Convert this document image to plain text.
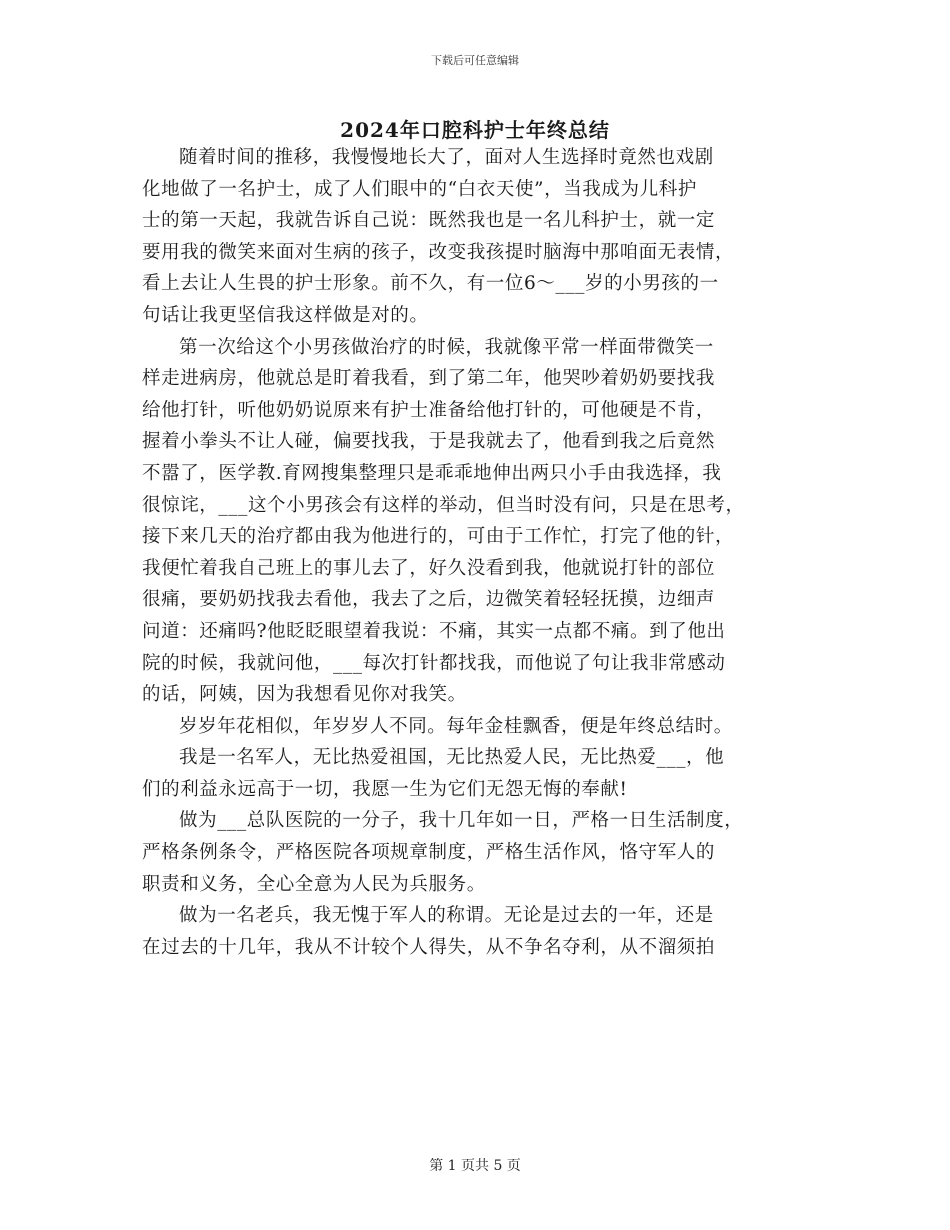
下载后可任意编辑
2024年口腔科护士年终总结
随着时间的推移，我慢慢地长大了，面对人生选择时竟然也戏剧
化地做了一名护士，成了人们眼中的“白衣天使”，当我成为儿科护
士的第一天起，我就告诉自己说：既然我也是一名儿科护士，就一定
要用我的微笑来面对生病的孩子，改变我孩提时脑海中那咱面无表情，
看上去让人生畏的护士形象。前不久，有一位6～___岁的小男孩的一
句话让我更坚信我这样做是对的。
第一次给这个小男孩做治疗的时候，我就像平常一样面带微笑一
样走进病房，他就总是盯着我看，到了第二年，他哭吵着奶奶要找我
给他打针，听他奶奶说原来有护士准备给他打针的，可他硬是不肯，
握着小拳头不让人碰，偏要找我，于是我就去了，他看到我之后竟然
不嚣了，医学教.育网搜集整理只是乖乖地伸出两只小手由我选择，我
很惊诧，___这个小男孩会有这样的举动，但当时没有问，只是在思考，
接下来几天的治疗都由我为他进行的，可由于工作忙，打完了他的针，
我便忙着我自己班上的事儿去了，好久没看到我，他就说打针的部位
很痛，要奶奶找我去看他，我去了之后，边微笑着轻轻抚摸，边细声
问道：还痛吗?他眨眨眼望着我说：不痛，其实一点都不痛。到了他出
院的时候，我就问他，___每次打针都找我，而他说了句让我非常感动
的话，阿姨，因为我想看见你对我笑。
岁岁年花相似，年岁岁人不同。每年金桂飘香，便是年终总结时。
我是一名军人，无比热爱祖国，无比热爱人民，无比热爱___，他
们的利益永远高于一切，我愿一生为它们无怨无悔的奉献!
做为___总队医院的一分子，我十几年如一日，严格一日生活制度，
严格条例条令，严格医院各项规章制度，严格生活作风，恪守军人的
职责和义务，全心全意为人民为兵服务。
做为一名老兵，我无愧于军人的称谓。无论是过去的一年，还是
在过去的十几年，我从不计较个人得失，从不争名夺利，从不溜须拍
第 1 页共 5 页
